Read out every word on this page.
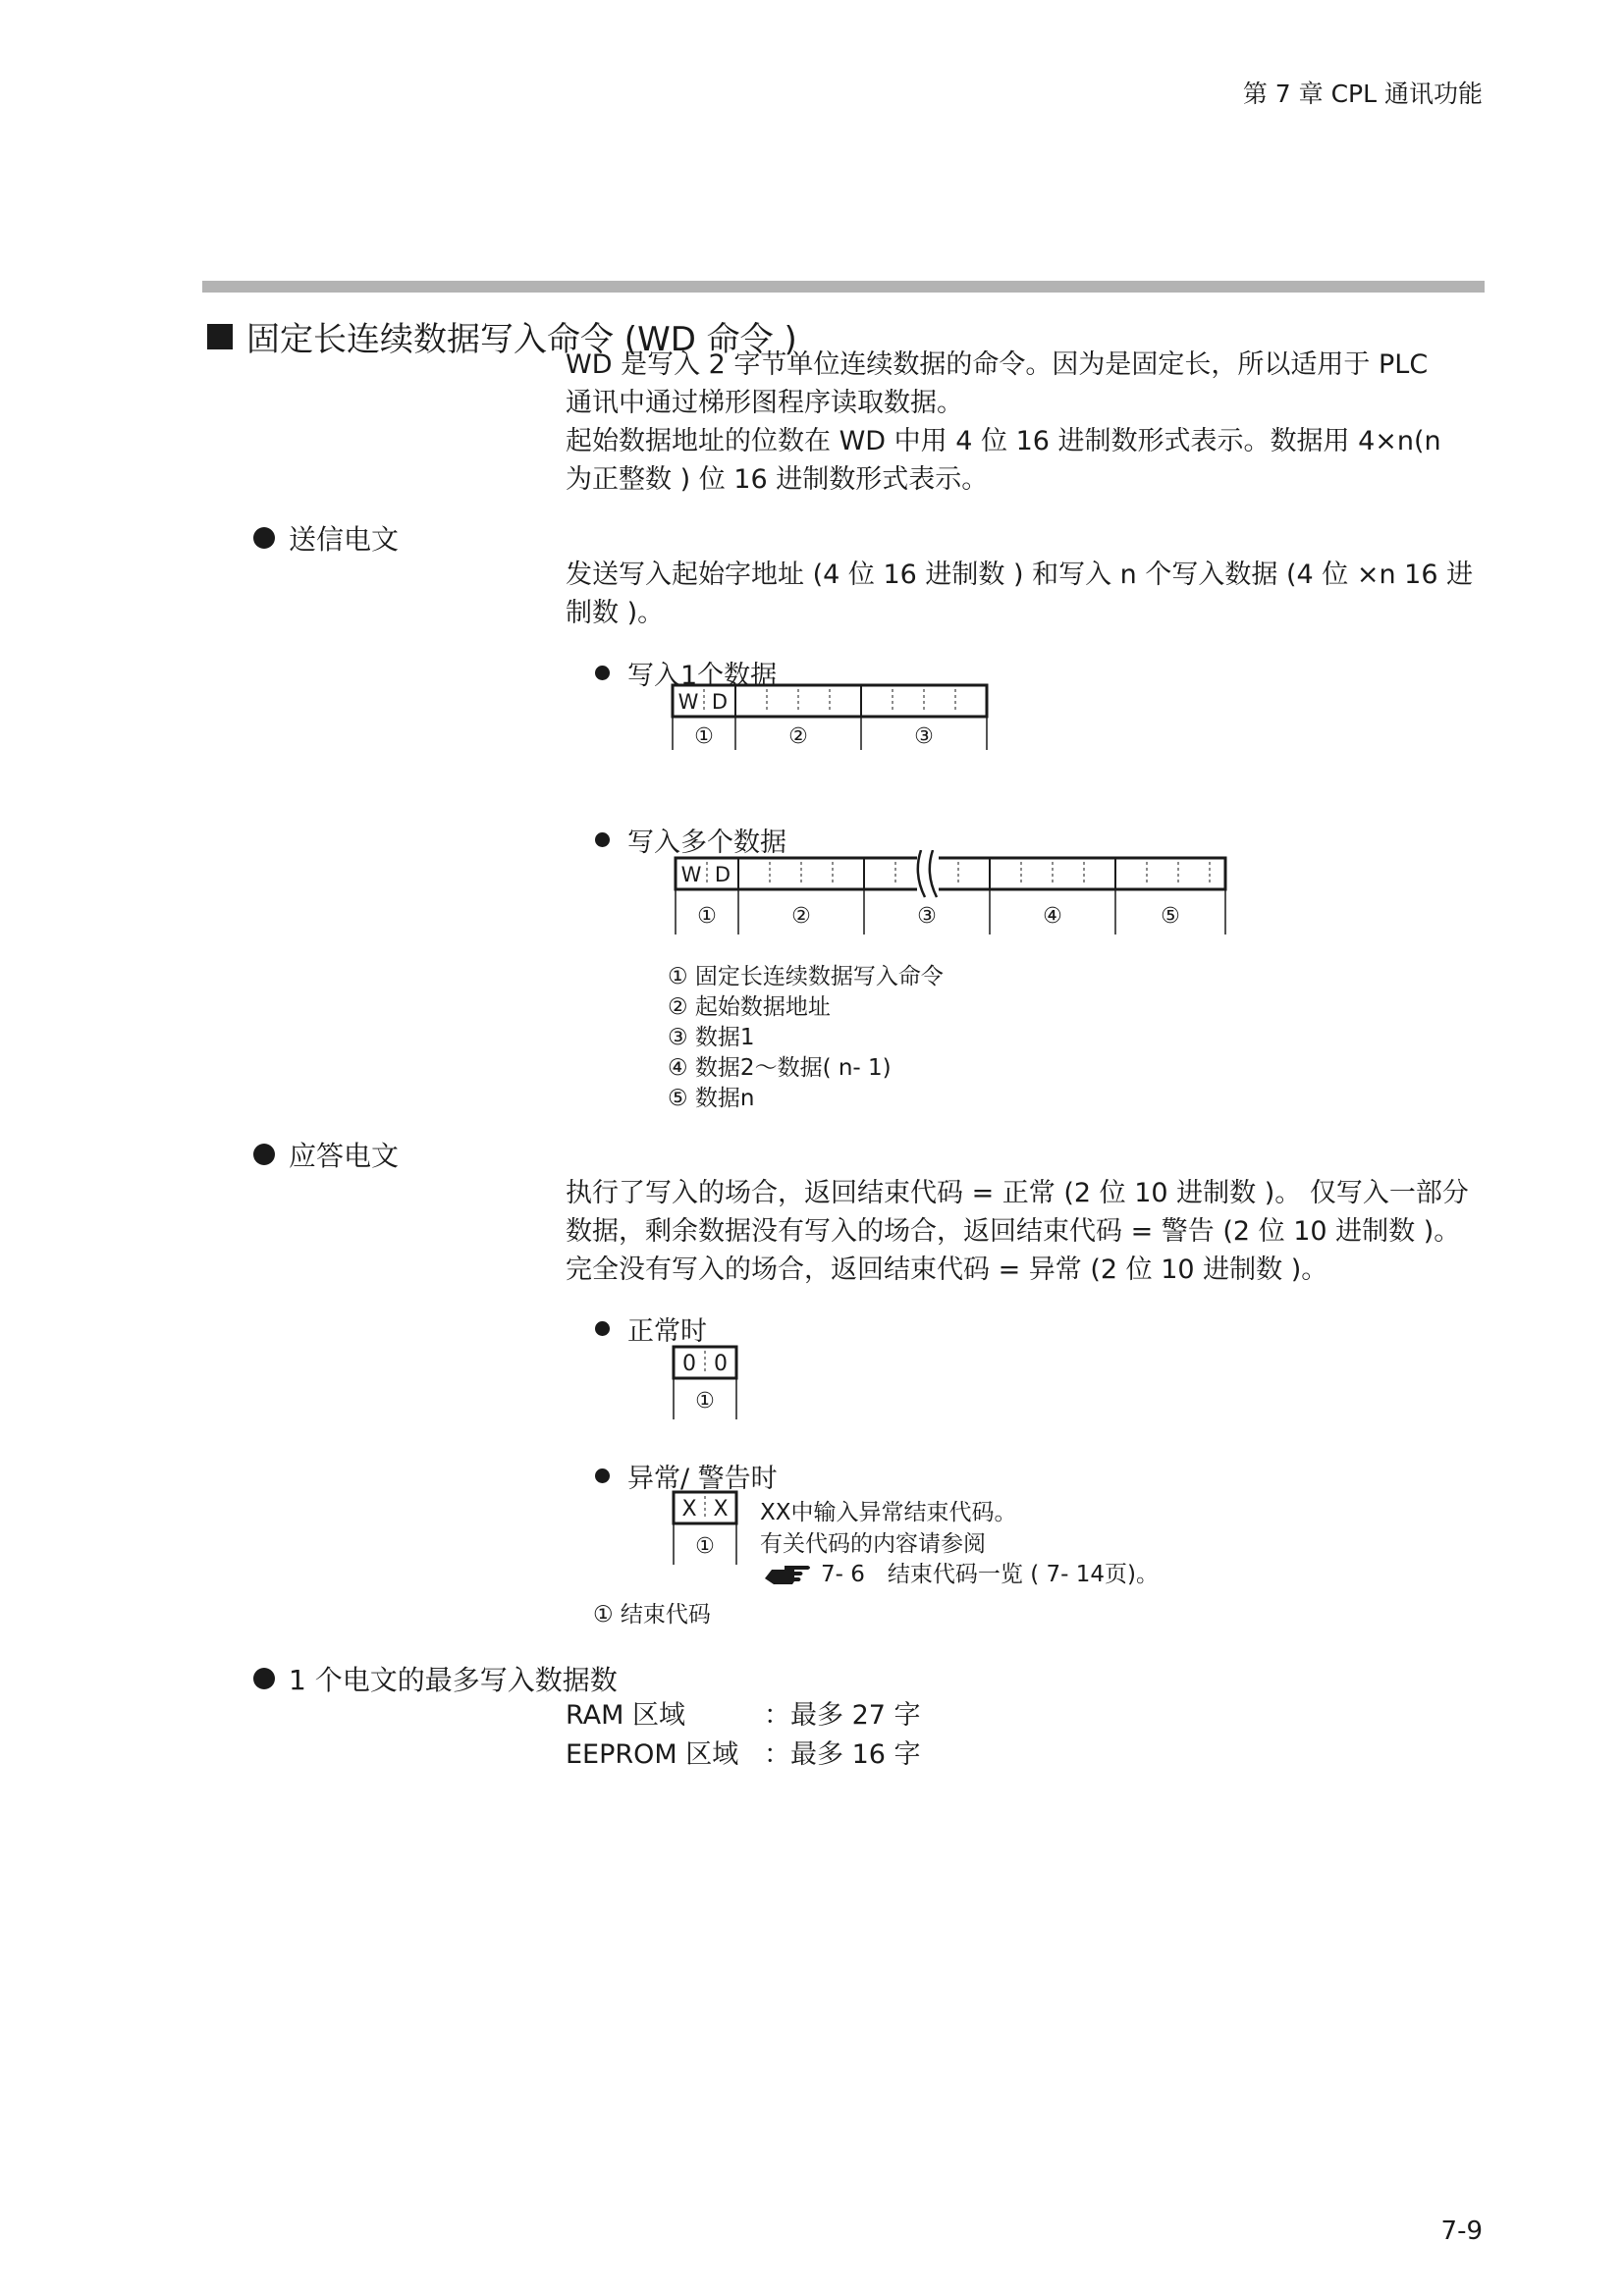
第 7 章 CPL 通讯功能
固定长连续数据写入命令 (WD 命令 )
WD 是写入 2 字节单位连续数据的命令。因为是固定长，所以适用于 PLC
通讯中通过梯形图程序读取数据。
起始数据地址的位数在 WD 中用 4 位 16 进制数形式表示。数据用 4×n(n
为正整数 ) 位 16 进制数形式表示。
送信电文
发送写入起始字地址 (4 位 16 进制数 ) 和写入 n 个写入数据 (4 位 ×n 16 进
制数 )。
写入1个数据
W D
①	②	③
写入多个数据
W D
①	②	③	④	⑤
① 固定长连续数据写入命令
② 起始数据地址
③ 数据1
④ 数据2～数据( n- 1)
⑤ 数据n
应答电文
执行了写入的场合，返回结束代码 = 正常 (2 位 10 进制数 )。 仅写入一部分
数据，剩余数据没有写入的场合，返回结束代码 = 警告 (2 位 10 进制数 )。
完全没有写入的场合，返回结束代码 = 异常 (2 位 10 进制数 )。
正常时
0 0
①
异常/ 警告时
X X
①
XX中输入异常结束代码。
有关代码的内容请参阅
7- 6　结束代码一览 ( 7- 14页)。
① 结束代码
1 个电文的最多写入数据数
RAM 区域	：最多 27 字
EEPROM 区域 ：最多 16 字
7-9
